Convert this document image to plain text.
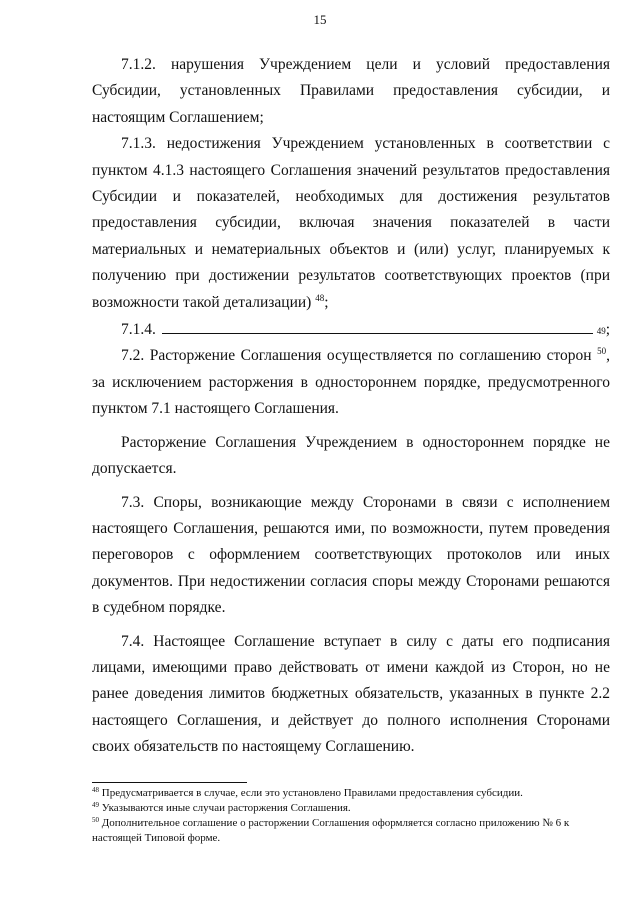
15

7.1.2. нарушения Учреждением цели и условий предоставления Субсидии, установленных Правилами предоставления субсидии, и настоящим Соглашением;

7.1.3. недостижения Учреждением установленных в соответствии с пунктом 4.1.3 настоящего Соглашения значений результатов предоставления Субсидии и показателей, необходимых для достижения результатов предоставления субсидии, включая значения показателей в части материальных и нематериальных объектов и (или) услуг, планируемых к получению при достижении результатов соответствующих проектов (при возможности такой детализации) $^{48}$;

7.1.4.	49 ;

7.2. Расторжение Соглашения осуществляется по соглашению сторон $^{50}$, за исключением расторжения в одностороннем порядке, предусмотренного пунктом 7.1 настоящего Соглашения.

Расторжение Соглашения Учреждением в одностороннем порядке не допускается.

7.3. Споры, возникающие между Сторонами в связи с исполнением настоящего Соглашения, решаются ими, по возможности, путем проведения переговоров с оформлением соответствующих протоколов или иных документов. При недостижении согласия споры между Сторонами решаются в судебном порядке.

7.4. Настоящее Соглашение вступает в силу с даты его подписания лицами, имеющими право действовать от имени каждой из Сторон, но не ранее доведения лимитов бюджетных обязательств, указанных в пункте 2.2 настоящего Соглашения, и действует до полного исполнения Сторонами своих обязательств по настоящему Соглашению.

$^{48}$ Предусматривается в случае, если это установлено Правилами предоставления субсидии.
$^{49}$ Указываются иные случаи расторжения Соглашения.
$^{50}$ Дополнительное соглашение о расторжении Соглашения оформляется согласно приложению № 6 к настоящей Типовой форме.
